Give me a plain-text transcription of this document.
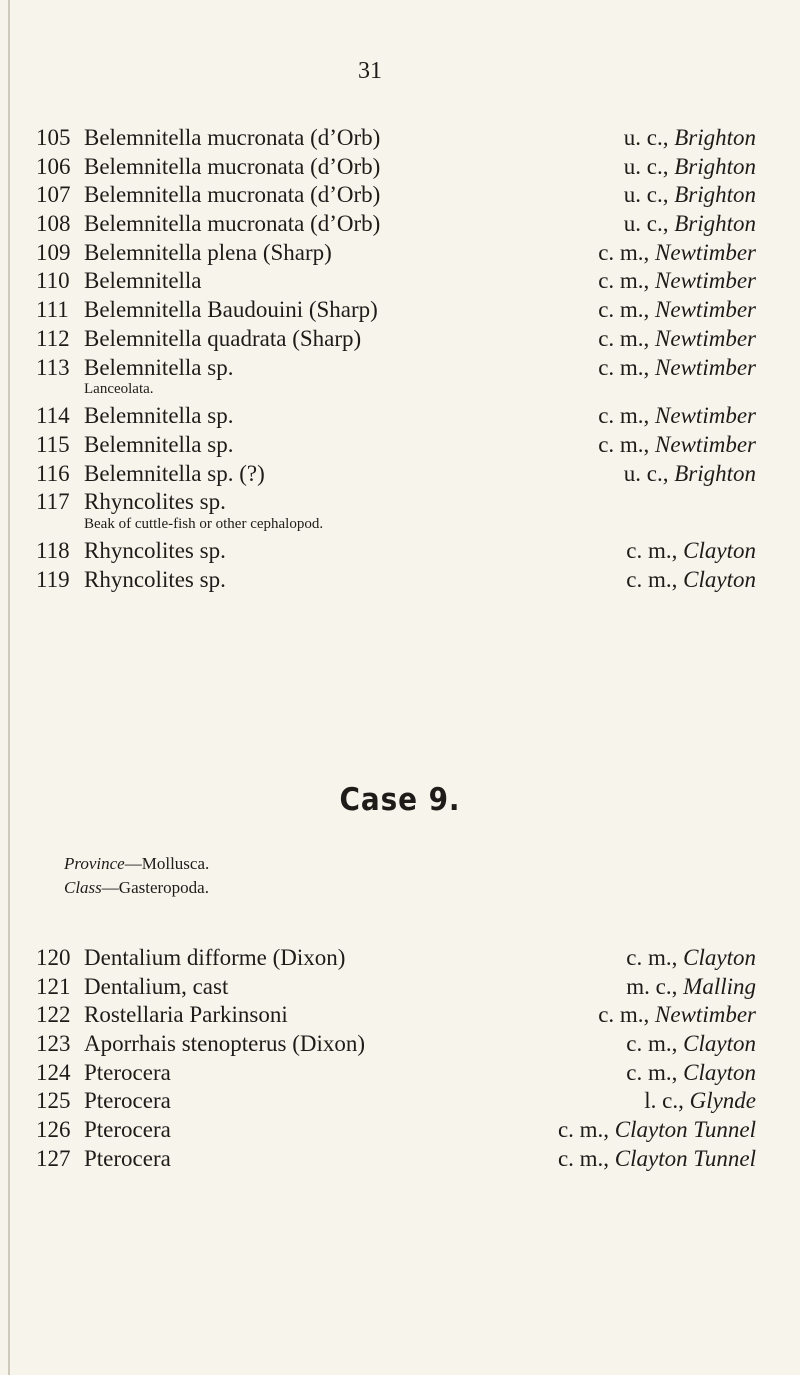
31
105 Belemnitella mucronata (d’Orb)	u. c., Brighton
106 Belemnitella mucronata (d’Orb)	u. c., Brighton
107 Belemnitella mucronata (d’Orb)	u. c., Brighton
108 Belemnitella mucronata (d’Orb)	u. c., Brighton
109 Belemnitella plena (Sharp)	c. m., Newtimber
110 Belemnitella	c. m., Newtimber
111 Belemnitella Baudouini (Sharp)	c. m., Newtimber
112 Belemnitella quadrata (Sharp)	c. m., Newtimber
113 Belemnitella sp.	c. m., Newtimber
Lanceolata.
114 Belemnitella sp.	c. m., Newtimber
115 Belemnitella sp.	c. m., Newtimber
116 Belemnitella sp. (?)	u. c., Brighton
117 Rhyncolites sp.
Beak of cuttle-fish or other cephalopod.
118 Rhyncolites sp.	c. m., Clayton
119 Rhyncolites sp.	c. m., Clayton
Case 9.
Province—Mollusca.
Class—Gasteropoda.
120 Dentalium difforme (Dixon)	c. m., Clayton
121 Dentalium, cast	m. c., Malling
122 Rostellaria Parkinsoni	c. m., Newtimber
123 Aporrhais stenopterus (Dixon)	c. m., Clayton
124 Pterocera	c. m., Clayton
125 Pterocera	l. c., Glynde
126 Pterocera	c. m., Clayton Tunnel
127 Pterocera	c. m., Clayton Tunnel
